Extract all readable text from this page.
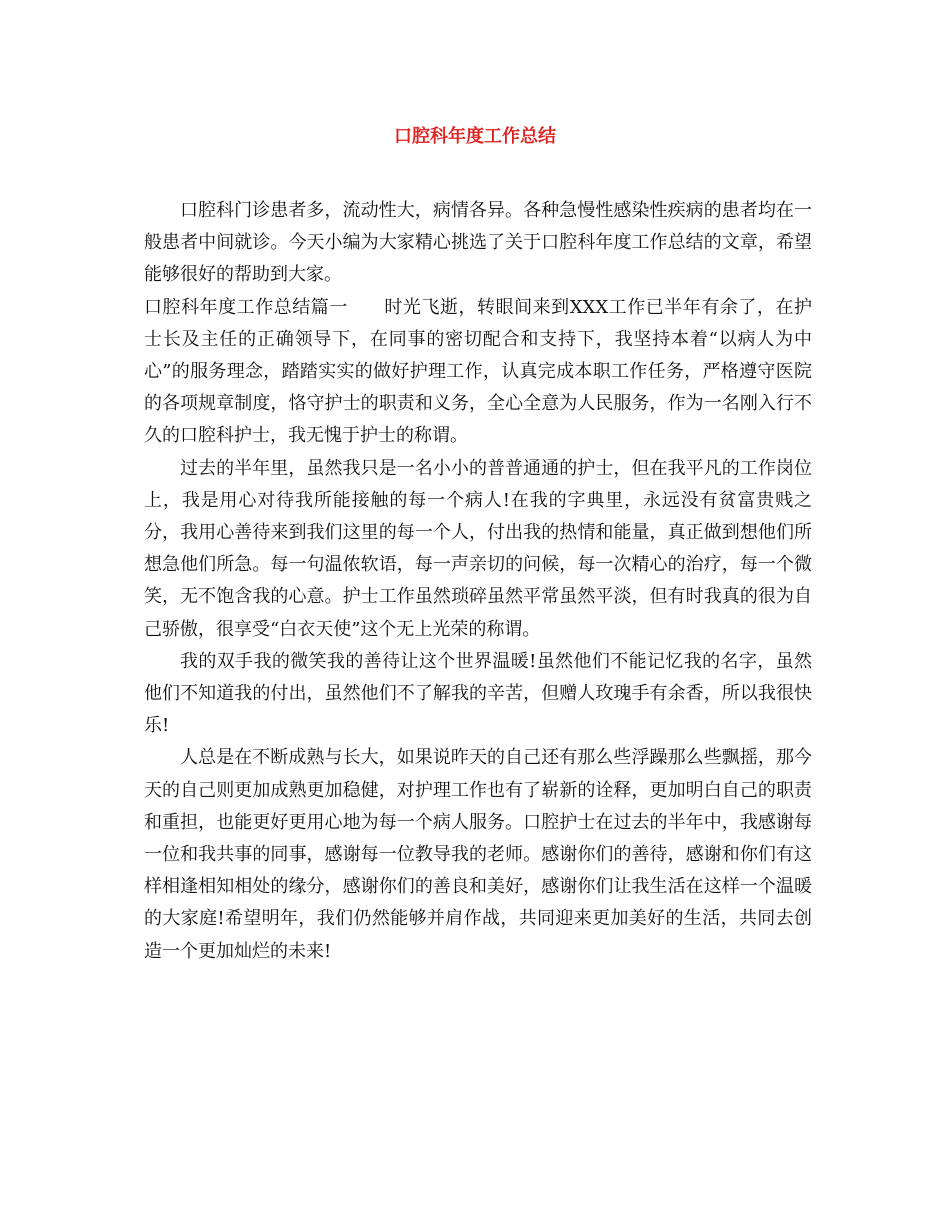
口腔科年度工作总结

口腔科门诊患者多，流动性大，病情各异。各种急慢性感染性疾病的患者均在一般患者中间就诊。今天小编为大家精心挑选了关于口腔科年度工作总结的文章，希望能够很好的帮助到大家。

口腔科年度工作总结篇一 时光飞逝，转眼间来到XXX工作已半年有余了，在护士长及主任的正确领导下，在同事的密切配合和支持下，我坚持本着“以病人为中心”的服务理念，踏踏实实的做好护理工作，认真完成本职工作任务，严格遵守医院的各项规章制度，恪守护士的职责和义务，全心全意为人民服务，作为一名刚入行不久的口腔科护士，我无愧于护士的称谓。

过去的半年里，虽然我只是一名小小的普普通通的护士，但在我平凡的工作岗位上，我是用心对待我所能接触的每一个病人!在我的字典里，永远没有贫富贵贱之分，我用心善待来到我们这里的每一个人，付出我的热情和能量，真正做到想他们所想急他们所急。每一句温侬软语，每一声亲切的问候，每一次精心的治疗，每一个微笑，无不饱含我的心意。护士工作虽然琐碎虽然平常虽然平淡，但有时我真的很为自己骄傲，很享受“白衣天使”这个无上光荣的称谓。

我的双手我的微笑我的善待让这个世界温暖!虽然他们不能记忆我的名字，虽然他们不知道我的付出，虽然他们不了解我的辛苦，但赠人玫瑰手有余香，所以我很快乐!

人总是在不断成熟与长大，如果说昨天的自己还有那么些浮躁那么些飘摇，那今天的自己则更加成熟更加稳健，对护理工作也有了崭新的诠释，更加明白自己的职责和重担，也能更好更用心地为每一个病人服务。口腔护士在过去的半年中，我感谢每一位和我共事的同事，感谢每一位教导我的老师。感谢你们的善待，感谢和你们有这样相逢相知相处的缘分，感谢你们的善良和美好，感谢你们让我生活在这样一个温暖的大家庭!希望明年，我们仍然能够并肩作战，共同迎来更加美好的生活，共同去创造一个更加灿烂的未来!
